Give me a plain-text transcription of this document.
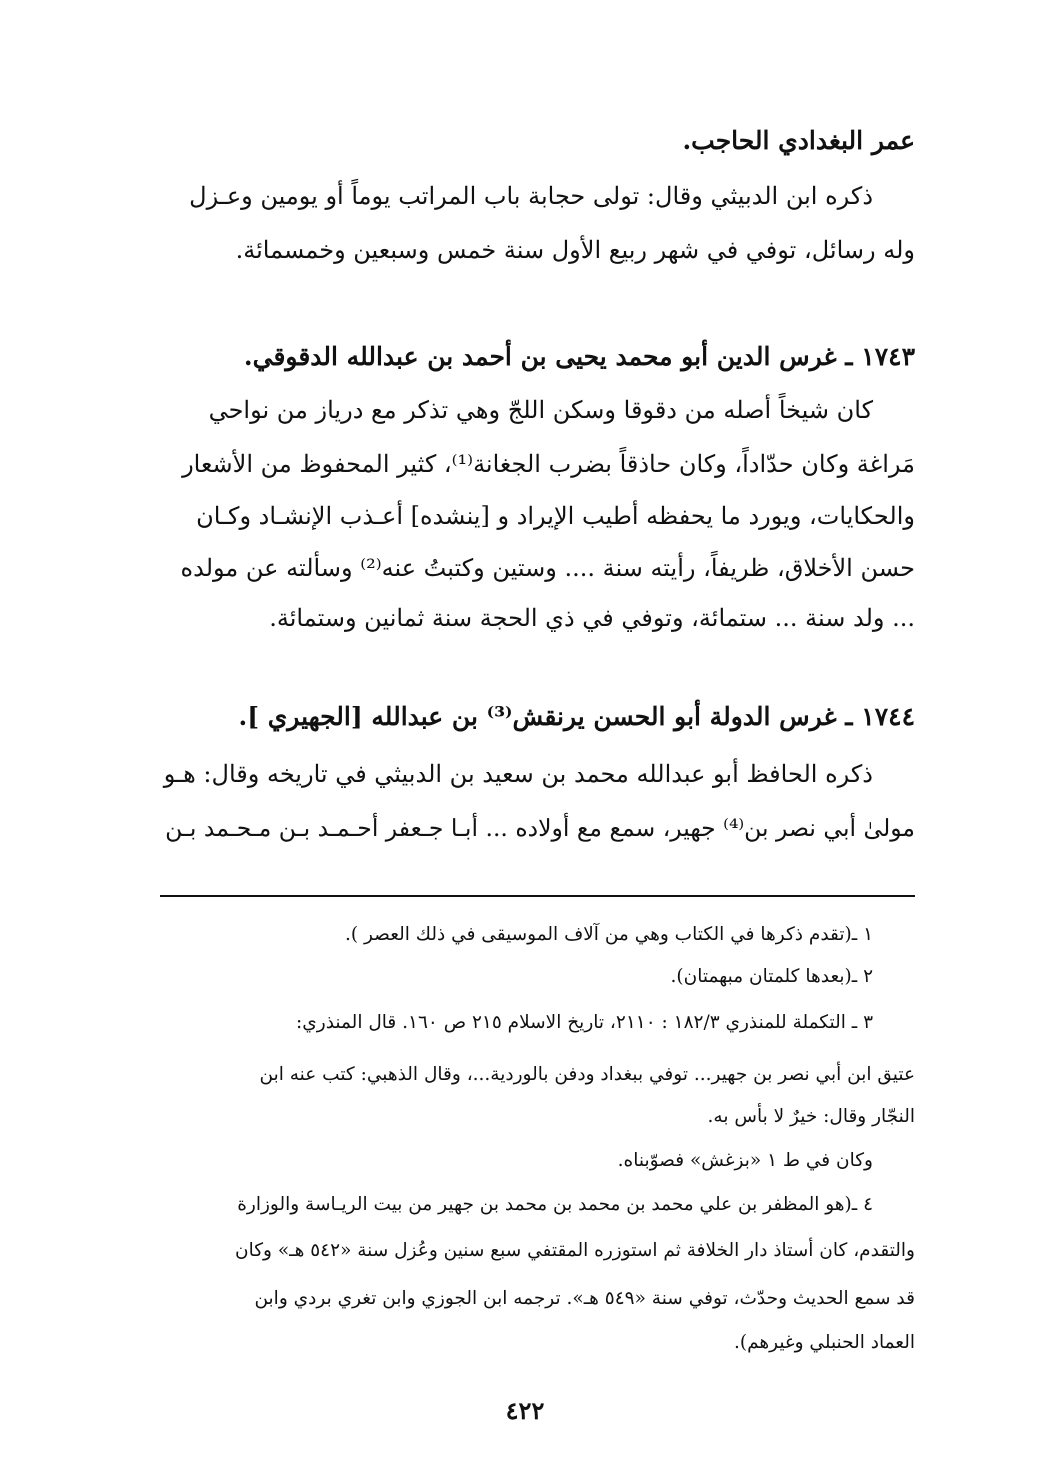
عمر البغدادي الحاجب.
ذكره ابن الدبيثي وقال: تولى حجابة باب المراتب يوماً أو يومين وعـزل
وله رسائل، توفي في شهر ربيع الأول سنة خمس وسبعين وخمسمائة.
١٧٤٣ ـ غرس الدين أبو محمد يحيى بن أحمد بن عبدالله الدقوقي.
كان شيخاً أصله من دقوقا وسكن اللجّ وهي تذكر مع درياز من نواحي
مَراغة وكان حدّاداً، وكان حاذقاً بضرب الجغانة⁽¹⁾، كثير المحفوظ من الأشعار
والحكايات، ويورد ما يحفظه أطيب الإيراد و [ينشده] أعـذب الإنشـاد وكـان
حسن الأخلاق، ظريفاً، رأيته سنة .... وستين وكتبتُ عنه⁽²⁾ وسألته عن مولده
... ولد سنة ... ستمائة، وتوفي في ذي الحجة سنة ثمانين وستمائة.
١٧٤٤ ـ غرس الدولة أبو الحسن يرنقش⁽³⁾ بن عبدالله [الجهيري ].
ذكره الحافظ أبو عبدالله محمد بن سعيد بن الدبيثي في تاريخه وقال: هـو
مولىٰ أبي نصر بن⁽⁴⁾ جهير، سمع مع أولاده ... أبـا جـعفر أحـمـد بـن مـحـمد بـن
١ ـ(تقدم ذكرها في الكتاب وهي من آلاف الموسيقى في ذلك العصر ).
٢ ـ(بعدها كلمتان مبهمتان).
٣ ـ التكملة للمنذري ١٨٢/٣ : ٢١١٠، تاريخ الاسلام ٢١٥ ص ١٦٠. قال المنذري:
عتيق ابن أبي نصر بن جهير... توفي ببغداد ودفن بالوردية...، وقال الذهبي: كتب عنه ابن
النجّار وقال: خيرٌ لا بأس به.
وكان في ط ١ «بزغش» فصوّبناه.
٤ ـ(هو المظفر بن علي محمد بن محمد بن محمد بن جهير من بيت الريـاسة والوزارة
والتقدم، كان أستاذ دار الخلافة ثم استوزره المقتفي سبع سنين وعُزل سنة «٥٤٢ هـ» وكان
قد سمع الحديث وحدّث، توفي سنة «٥٤٩ هـ». ترجمه ابن الجوزي وابن تغري بردي وابن
العماد الحنبلي وغيرهم).
٤٢٢
